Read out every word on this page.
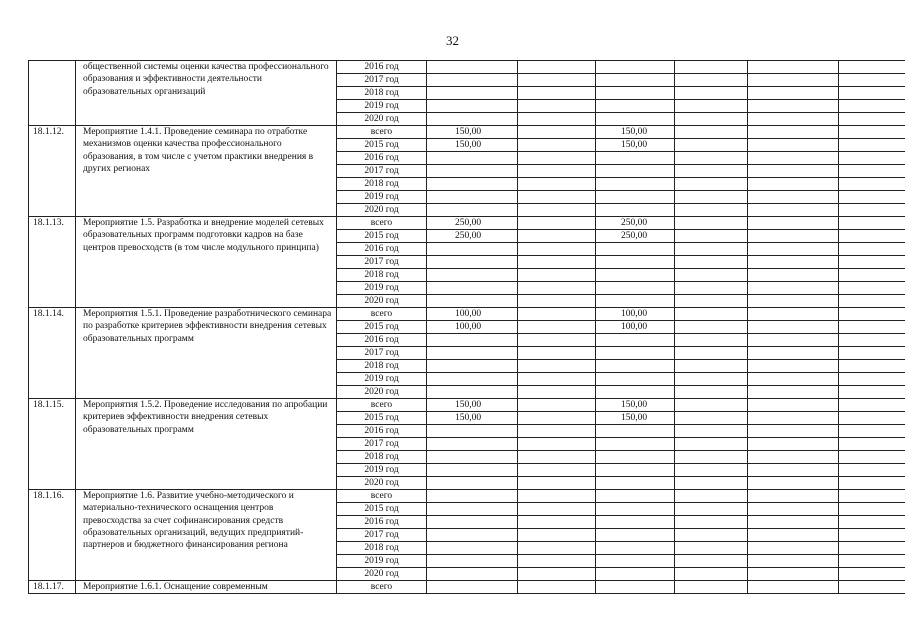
32
	общественной системы оценки качества профессионального образования и эффективности деятельности образовательных организаций	2016 год							
		2017 год							
		2018 год							
		2019 год							
		2020 год							
18.1.12.	Мероприятие 1.4.1. Проведение семинара по отработке механизмов оценки качества профессионального образования, в том числе с учетом практики внедрения в других регионах	всего	150,00		150,00				
		2015 год	150,00		150,00				
		2016 год							
		2017 год							
		2018 год							
		2019 год							
		2020 год							
18.1.13.	Мероприятие 1.5. Разработка и внедрение моделей сетевых образовательных программ подготовки кадров на базе центров превосходств (в том числе модульного принципа)	всего	250,00		250,00				
		2015 год	250,00		250,00				
		2016 год							
		2017 год							
		2018 год							
		2019 год							
		2020 год							
18.1.14.	Мероприятия 1.5.1. Проведение разработнического семинара по разработке критериев эффективности внедрения сетевых образовательных программ	всего	100,00		100,00				
		2015 год	100,00		100,00				
		2016 год							
		2017 год							
		2018 год							
		2019 год							
		2020 год							
18.1.15.	Мероприятия 1.5.2. Проведение исследования по апробации критериев эффективности внедрения сетевых образовательных программ	всего	150,00		150,00				
		2015 год	150,00		150,00				
		2016 год							
		2017 год							
		2018 год							
		2019 год							
		2020 год							
18.1.16.	Мероприятие 1.6. Развитие учебно-методического и материально-технического оснащения центров превосходства за счет софинансирования средств образовательных организаций, ведущих предприятий-партнеров и бюджетного финансирования региона	всего							
		2015 год							
		2016 год							
		2017 год							
		2018 год							
		2019 год							
		2020 год							
18.1.17.	Мероприятие 1.6.1. Оснащение современным	всего							
